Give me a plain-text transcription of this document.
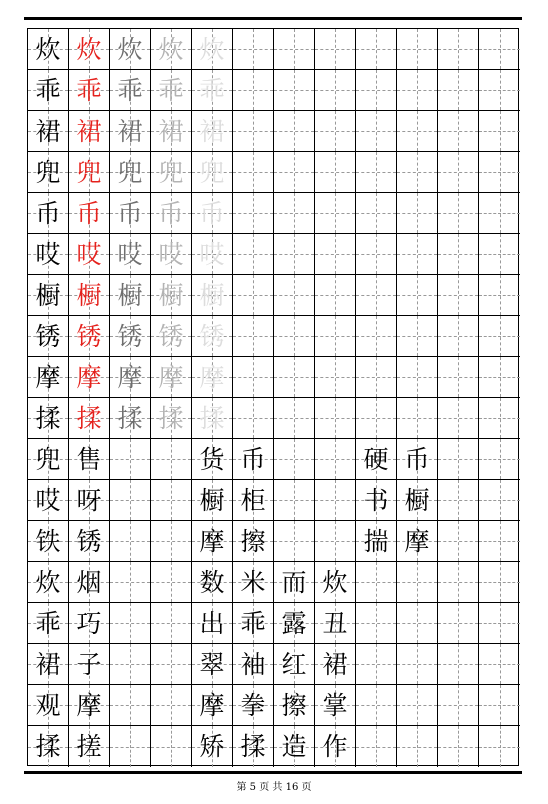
炊 炊 炊 炊 炊
乖 乖 乖 乖 乖
裙 裙 裙 裙 裙
兜 兜 兜 兜 兜
币 币 币 币 币
哎 哎 哎 哎 哎
橱 橱 橱 橱 橱
锈 锈 锈 锈 锈
摩 摩 摩 摩 摩
揉 揉 揉 揉 揉
兜 售	货 币	硬 币
哎 呀	橱 柜	书 橱
铁 锈	摩 擦	揣 摩
炊 烟	数 米 而 炊
乖 巧	出 乖 露 丑
裙 子	翠 袖 红 裙
观 摩	摩 拳 擦 掌
揉 搓	矫 揉 造 作
第 5 页 共 16 页
